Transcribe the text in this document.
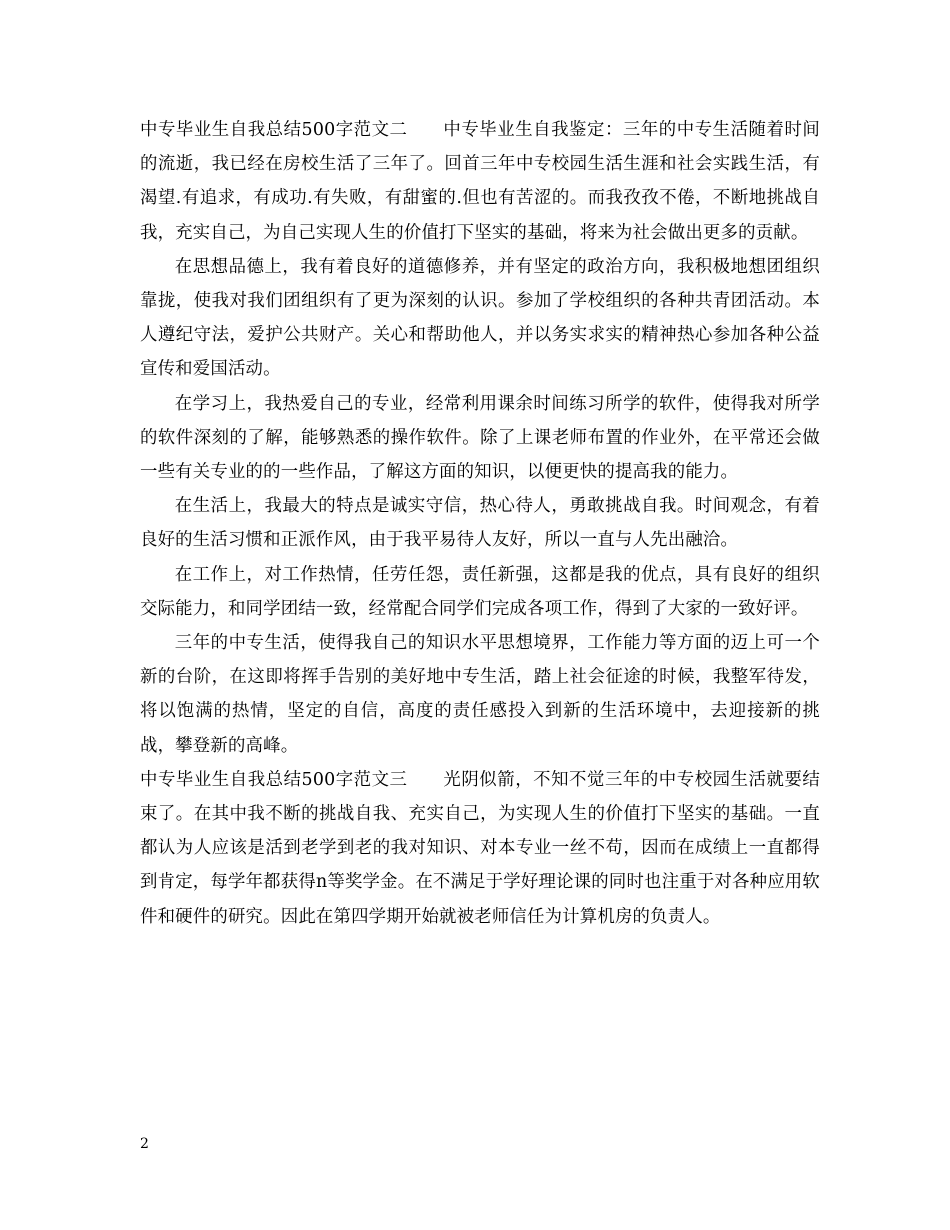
中专毕业生自我总结500字范文二　　中专毕业生自我鉴定：三年的中专生活随着时间的流逝，我已经在房校生活了三年了。回首三年中专校园生活生涯和社会实践生活，有渴望.有追求，有成功.有失败，有甜蜜的.但也有苦涩的。而我孜孜不倦，不断地挑战自我，充实自己，为自己实现人生的价值打下坚实的基础，将来为社会做出更多的贡献。

在思想品德上，我有着良好的道德修养，并有坚定的政治方向，我积极地想团组织靠拢，使我对我们团组织有了更为深刻的认识。参加了学校组织的各种共青团活动。本人遵纪守法，爱护公共财产。关心和帮助他人，并以务实求实的精神热心参加各种公益宣传和爱国活动。

在学习上，我热爱自己的专业，经常利用课余时间练习所学的软件，使得我对所学的软件深刻的了解，能够熟悉的操作软件。除了上课老师布置的作业外，在平常还会做一些有关专业的的一些作品，了解这方面的知识，以便更快的提高我的能力。

在生活上，我最大的特点是诚实守信，热心待人，勇敢挑战自我。时间观念，有着良好的生活习惯和正派作风，由于我平易待人友好，所以一直与人先出融洽。

在工作上，对工作热情，任劳任怨，责任新强，这都是我的优点，具有良好的组织交际能力，和同学团结一致，经常配合同学们完成各项工作，得到了大家的一致好评。

三年的中专生活，使得我自己的知识水平思想境界，工作能力等方面的迈上可一个新的台阶，在这即将挥手告别的美好地中专生活，踏上社会征途的时候，我整军待发，将以饱满的热情，坚定的自信，高度的责任感投入到新的生活环境中，去迎接新的挑战，攀登新的高峰。

中专毕业生自我总结500字范文三　　光阴似箭，不知不觉三年的中专校园生活就要结束了。在其中我不断的挑战自我、充实自己，为实现人生的价值打下坚实的基础。一直都认为人应该是活到老学到老的我对知识、对本专业一丝不苟，因而在成绩上一直都得到肯定，每学年都获得n等奖学金。在不满足于学好理论课的同时也注重于对各种应用软件和硬件的研究。因此在第四学期开始就被老师信任为计算机房的负责人。

2
